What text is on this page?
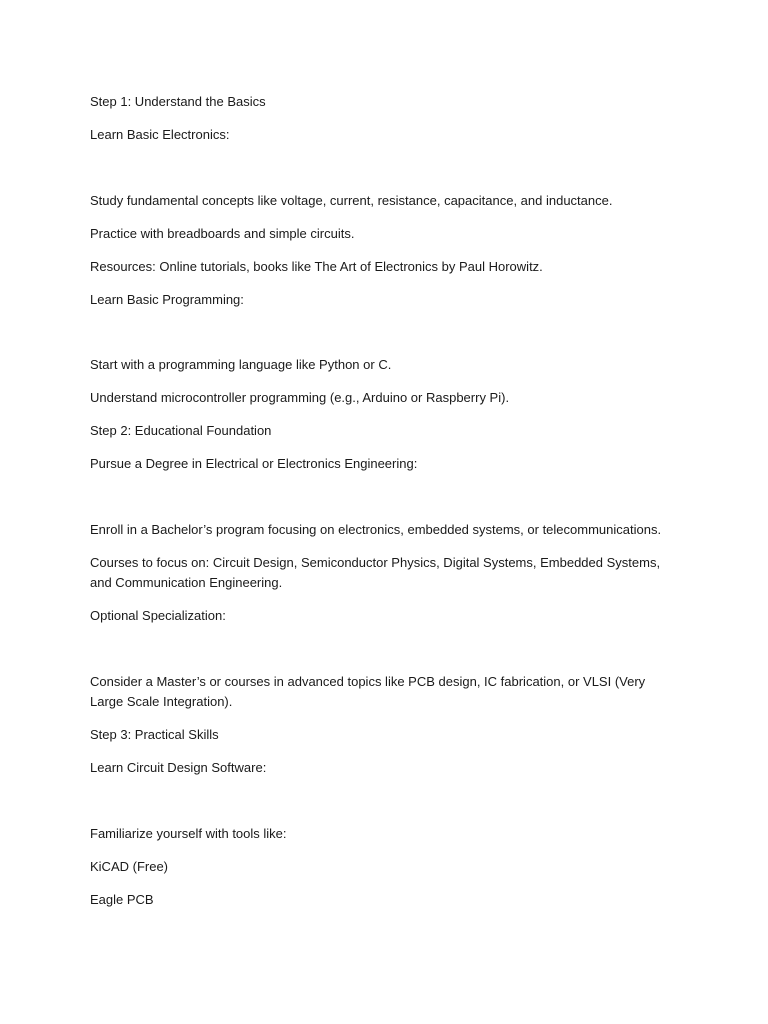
Step 1: Understand the Basics

Learn Basic Electronics:

Study fundamental concepts like voltage, current, resistance, capacitance, and inductance.

Practice with breadboards and simple circuits.

Resources: Online tutorials, books like The Art of Electronics by Paul Horowitz.

Learn Basic Programming:

Start with a programming language like Python or C.

Understand microcontroller programming (e.g., Arduino or Raspberry Pi).

Step 2: Educational Foundation

Pursue a Degree in Electrical or Electronics Engineering:

Enroll in a Bachelor’s program focusing on electronics, embedded systems, or telecommunications.

Courses to focus on: Circuit Design, Semiconductor Physics, Digital Systems, Embedded Systems, and Communication Engineering.

Optional Specialization:

Consider a Master’s or courses in advanced topics like PCB design, IC fabrication, or VLSI (Very Large Scale Integration).

Step 3: Practical Skills

Learn Circuit Design Software:

Familiarize yourself with tools like:

KiCAD (Free)

Eagle PCB
